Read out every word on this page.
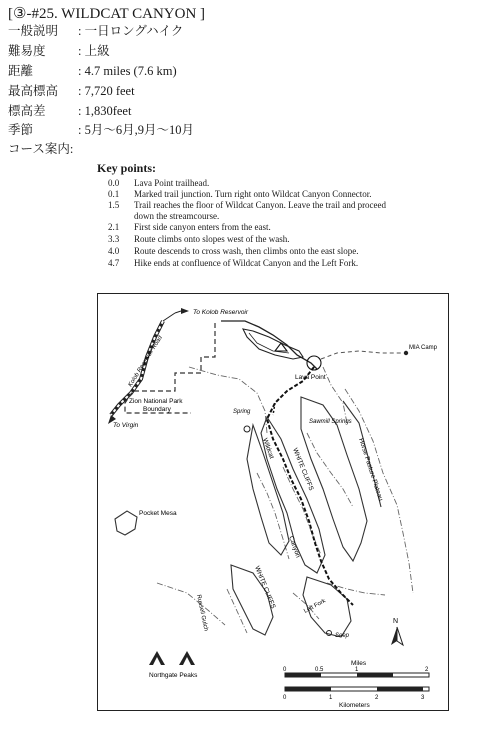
[③-#25. WILDCAT CANYON ]
一般説明 : 一日ロングハイク
難易度	: 上級
距離	: 4.7 miles (7.6 km)
最高標高 : 7,720 feet
標高差	: 1,830feet
季節	: 5月～6月,9月～10月
コース案内:
Key points:
0.0	Lava Point trailhead.
0.1	Marked trail junction. Turn right onto Wildcat Canyon Connector.
1.5	Trail reaches the floor of Wildcat Canyon. Leave the trail and proceed
down the streamcourse.
2.1	First side canyon enters from the east.
3.3	Route climbs onto slopes west of the wash.
4.0	Route descends to cross wash, then climbs onto the east slope.
4.7	Hike ends at confluence of Wildcat Canyon and the Left Fork.
To Kolob Reservoir
Kolob Reservoir Road
To Virgin
Zion National Park
Boundary
Lava Point
MIA Camp
Spring
Sawmill Springs
Horse Pasture Plateau
Wildcat
Canyon
WHITE CLIFFS
WHITE CLIFFS
Pocket Mesa
Russell Gulch	Left Fork
Seep
Northgate Peaks
N
Miles
0	0.5	1	2
0	1	2	3
Kilometers
